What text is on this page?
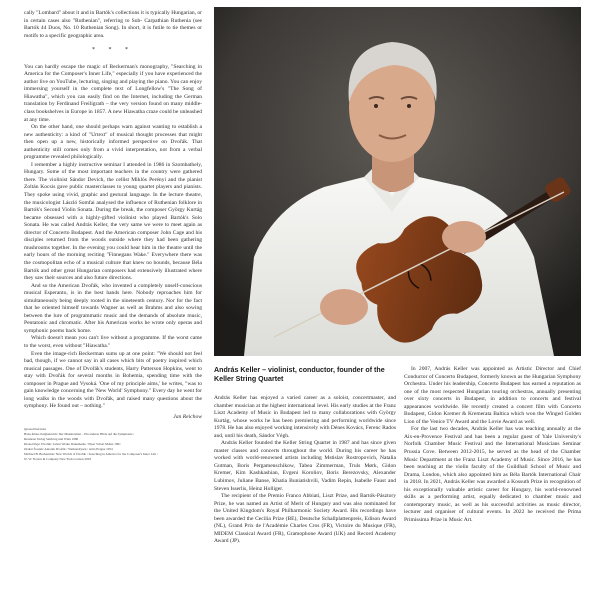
cally "Lombard" about it and in Bartók's collections it is typically Hungarian, or in certain cases also "Ruthenian", referring to Sub- Carpathian Ruthenia (see Bartók 44 Duos, No. 10 Ruthenian Song). In short, it is futile to tie themes or motifs to a specific geographic area.

* * *

You can hardly escape the magic of Beckerman's monography, "Searching in America for the Composer's Inner Life," especially if you have experienced the author live on YouTube, lecturing, singing and playing the piano. You can enjoy immersing yourself in the complete text of Longfellow's "The Song of Hiawatha", which you can easily find on the Internet, including the German translation by Ferdinand Freiligrath – the very version found on many middle-class bookshelves in Europe in 1857. A new Hiawatha craze could be unleashed at any time.

On the other hand, one should perhaps warn against wanting to establish a new authenticity: a kind of "Urtext" of musical thought processes that might then open up a new, historically informed perspective on Dvořák. That authenticity still comes only from a vivid interpretation, not from a verbal programme revealed philologically.

I remember a highly instructive seminar I attended in 1986 in Szombathely, Hungary. Some of the most important teachers in the country were gathered there. The violinist Sándor Devich, the cellist Miklós Perényi and the pianist Zoltán Kocsis gave public masterclasses to young quartet players and pianists. They spoke using vivid, graphic and gestural language. In the lecture theatre, the musicologist László Somfai analysed the influence of Ruthenian folklore in Bartók's Second Violin Sonata. During the break, the composer György Kurtág became obsessed with a highly-gifted violinist who played Bartók's Solo Sonata. He was called András Keller, the very same we were to meet again as director of Concerto Budapest. And the American composer John Cage and his disciples returned from the woods outside where they had been gathering mushrooms together. In the evening you could hear him in the theatre until the early hours of the morning reciting "Finnegans Wake." Everywhere there was the cosmopolitan echo of a musical culture that knew no bounds, because Béla Bartók and other great Hungarian composers had extensively illustrated where they saw their sources and also future directions.

And so the American Dvořák, who invented a completely unself-conscious musical Esperanto, is in the best hands here. Nobody reproaches him for simultaneously being deeply rooted in the nineteenth century. Nor for the fact that he oriented himself towards Wagner as well as Brahms and also sowing between the lure of programmatic music and the demands of absolute music, Pentatonic and chromatic. After his American works he wrote only operas and symphonic poems back home.

Which doesn't mean you can't live without a programme. If the worst came to the worst, even without "Hiawatha."

Even the image-rich Beckerman sums up at one point: "We should not feel bad, though, if we cannot say in all cases which bits of poetry inspired which musical passages. One of Dvořák's students, Harry Patterson Hopkins, went to stay with Dvořák for several months in Bohemia, spending time with the composer in Prague and Vysoká. 'One of my principle aims,' he writes, "was to gain knowledge concerning the 'New World' Symphony." Every day he went for long walks in the woods with Dvořák, and raised many questions about the symphony. He found out – nothing."

Jan Reichow
Quoted literature
Hans-Klaus Jungheinrich: Der Musikroman – Ein anderer Blick auf die Symphonie /
Residenz Verlag Salzburg und Wien 1986
Klaus Döge: Dvořák: Leben Werke Dokumente / Piper Schott Mainz 1991
Otakar Šourek: Antonín Dvořák / Werkanalysen / Artia Prague 1954
Michael B. Beckerman: New Worlds of Dvořák / Searching in America for the Composer's Inner Life /
W. W. Norton & Company New York London 2003
András Keller – violinist, conductor, founder of the Keller String Quartet

András Keller has enjoyed a varied career as a soloist, concertmaster, and chamber musician at the highest international level. His early studies at the Franz Liszt Academy of Music in Budapest led to many collaborations with György Kurtág, whose works he has been premiering and performing worldwide since 1978. He has also enjoyed working intensively with Dénes Kovács, Ferenc Rados and, until his death, Sándor Végh.

András Keller founded the Keller String Quartet in 1987 and has since given master classes and concerts throughout the world. During his career he has worked with world-renowned artists including Mstislav Rostropovich, Natalia Gutman, Boris Pergamenschikow, Tabea Zimmerman, Truls Mørk, Gidon Kremer, Kim Kashkashian, Evgeni Koroliov, Boris Berezovsky, Alexander Lubimov, Juliane Banse, Khatia Buniatishvili, Vadim Repin, Isabelle Faust and Steven Isserlis, Heinz Holliger.

The recipient of the Premio Franco Abbiati, Liszt Prize, and Bartók-Pásztory Prize, he was named an Artist of Merit of Hungary and was also nominated for the United Kingdom's Royal Philharmonic Society Award. His recordings have been awarded the Cecilia Prize (BE), Deutsche Schallplattenpreis, Edison Award (NL), Grand Prix de l'Académie Charles Cros (FR), Victoire du Musique (FR), MIDEM Classical Award (FR), Gramophone Award (UK) and Record Academy Award (JP).

In 2007, András Keller was appointed as Artistic Director and Chief Conductor of Concerto Budapest, formerly known as the Hungarian Symphony Orchestra. Under his leadership, Concerto Budapest has earned a reputation as one of the most respected Hungarian touring orchestras, annually presenting over sixty concerts in Budapest, in addition to concerts and festival appearances worldwide. He recently created a concert film with Concerto Budapest, Gidon Kremer & Kremerata Baltica which won the Winged Golden Lion of the Venice TV Award and the Lovie Award as well.

For the last two decades, András Keller has was teaching annually at the Aix-en-Provence Festival and has been a regular guest of Yale University's Norfolk Chamber Music Festival and the International Musicians Seminar Prussia Cove. Between 2012-2015, he served as the head of the Chamber Music Department at the Franz Liszt Academy of Music. Since 2016, he has been teaching at the violin faculty of the Guildhall School of Music and Drama, London, which also appointed him as Béla Bartók International Chair in 2018. In 2021, András Keller was awarded a Kossuth Prize in recognition of his exceptionally valuable artistic career for Hungary, his world-renowned skills as a performing artist, equally dedicated to chamber music and contemporary music, as well as his successful activities as music director, lecturer and organiser of cultural events. In 2022 he received the Prima Primissima Prize in Music Art.
